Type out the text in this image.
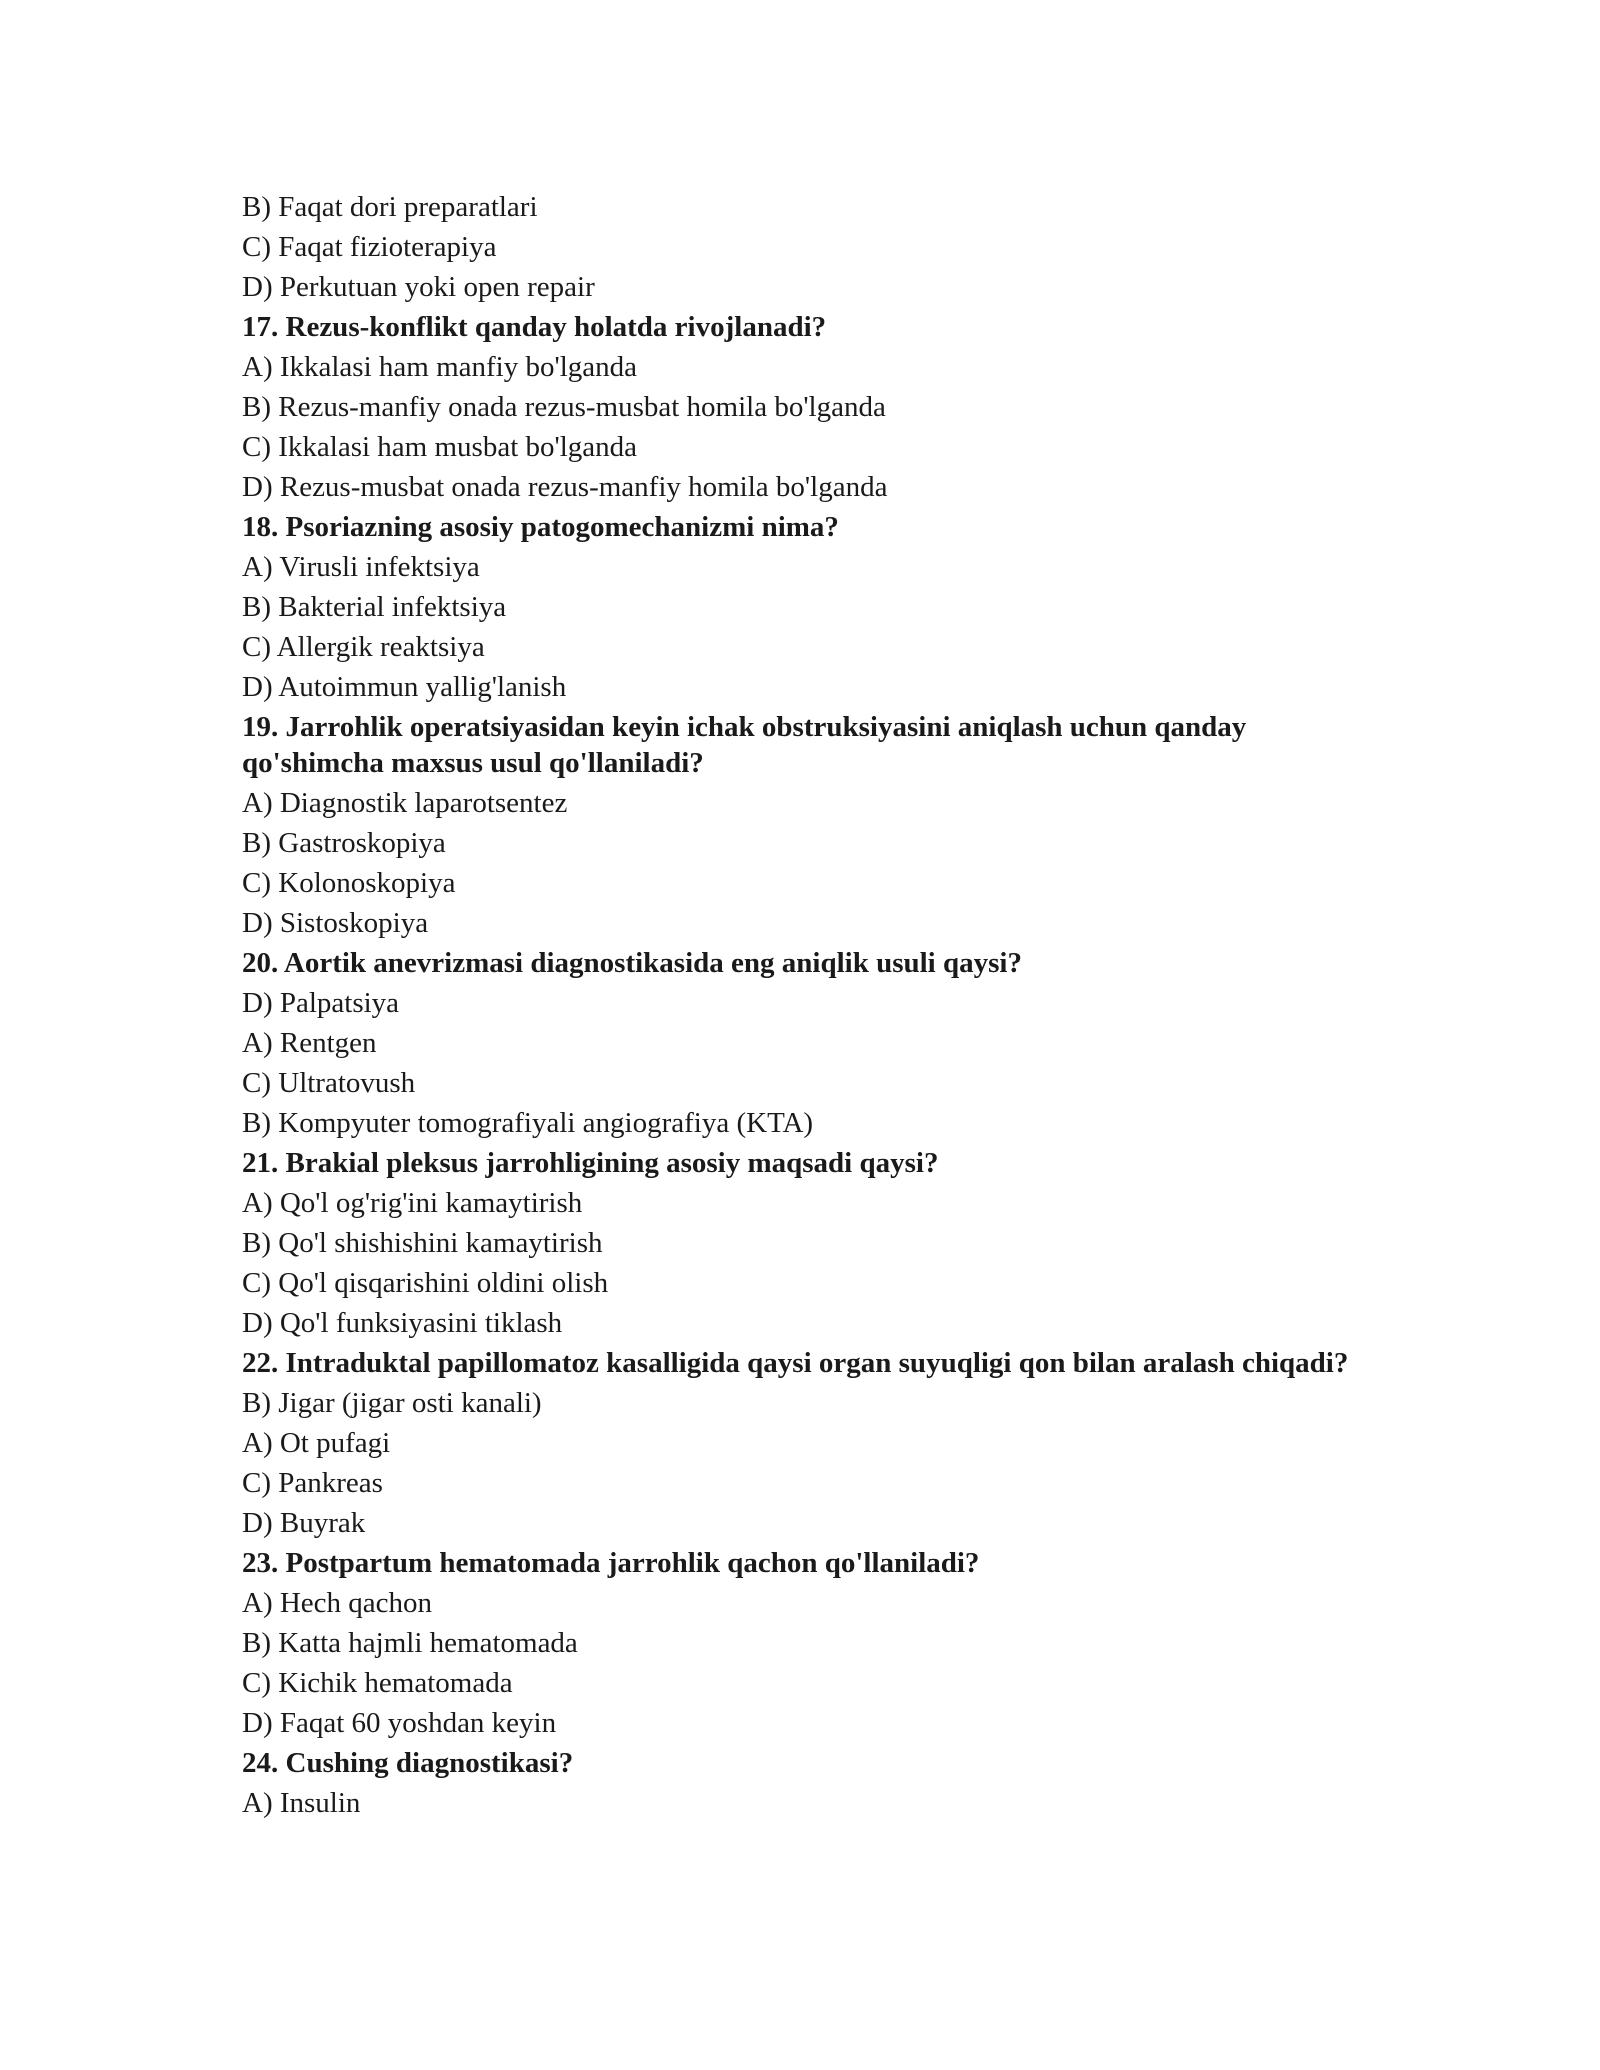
B) Faqat dori preparatlari
C) Faqat fizioterapiya
D) Perkutuan yoki open repair
17. Rezus-konflikt qanday holatda rivojlanadi?
A) Ikkalasi ham manfiy bo'lganda
B) Rezus-manfiy onada rezus-musbat homila bo'lganda
C) Ikkalasi ham musbat bo'lganda
D) Rezus-musbat onada rezus-manfiy homila bo'lganda
18. Psoriazning asosiy patogomechanizmi nima?
A) Virusli infektsiya
B) Bakterial infektsiya
C) Allergik reaktsiya
D) Autoimmun yallig'lanish
19. Jarrohlik operatsiyasidan keyin ichak obstruksiyasini aniqlash uchun qanday qo'shimcha maxsus usul qo'llaniladi?
A) Diagnostik laparotsentez
B) Gastroskopiya
C) Kolonoskopiya
D) Sistoskopiya
20. Aortik anevrizmasi diagnostikasida eng aniqlik usuli qaysi?
D) Palpatsiya
A) Rentgen
C) Ultratovush
B) Kompyuter tomografiyali angiografiya (KTA)
21. Brakial pleksus jarrohligining asosiy maqsadi qaysi?
A) Qo'l og'rig'ini kamaytirish
B) Qo'l shishishini kamaytirish
C) Qo'l qisqarishini oldini olish
D) Qo'l funksiyasini tiklash
22. Intraduktal papillomatoz kasalligida qaysi organ suyuqligi qon bilan aralash chiqadi?
B) Jigar (jigar osti kanali)
A) Ot pufagi
C) Pankreas
D) Buyrak
23. Postpartum hematomada jarrohlik qachon qo'llaniladi?
A) Hech qachon
B) Katta hajmli hematomada
C) Kichik hematomada
D) Faqat 60 yoshdan keyin
24. Cushing diagnostikasi?
A) Insulin
